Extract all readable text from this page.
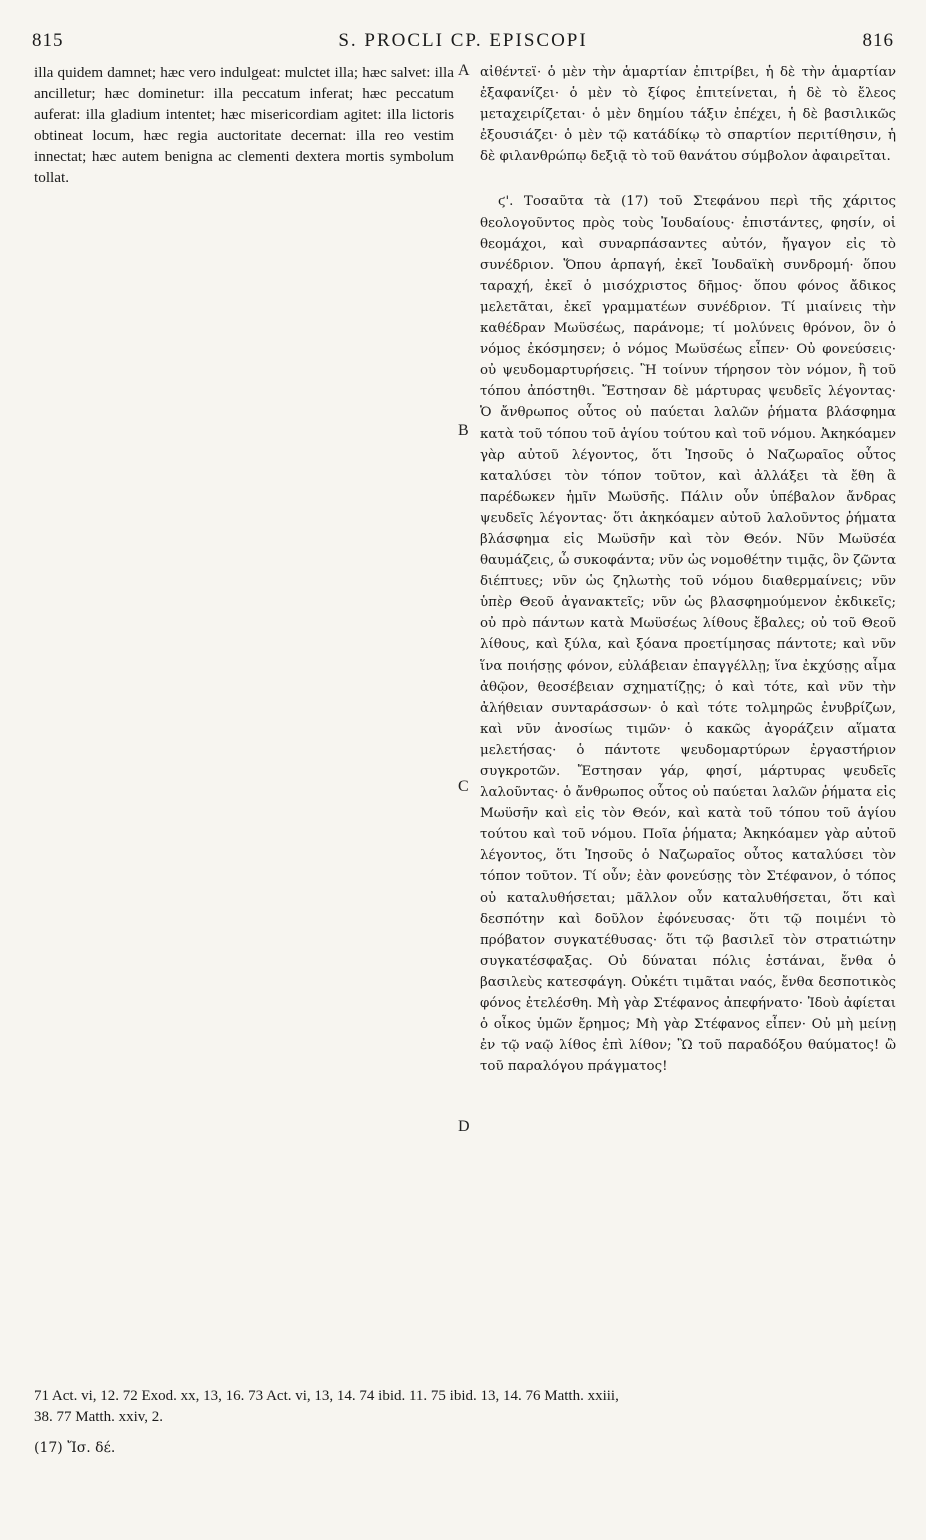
815	S. PROCLI CP. EPISCOPI	816

illa quidem damnet; hæc vero indulgeat: mulctet illa; hæc salvet: illa ancilletur; hæc dominetur: illa peccatum inferat; hæc peccatum auferat: illa gladium intentet; hæc misericordiam agitet: illa lictoris obtineat locum, hæc regia auctoritate decernat: illa reo vestim innectat; hæc autem benigna ac clementi dextera mortis symbolum tollat.

A
B
C
D

αἰθέντεϊ· ὁ μὲν τὴν ἁμαρτίαν ἐπιτρίβει, ἡ δὲ τὴν ἁμαρτίαν ἐξαφανίζει· ὁ μὲν τὸ ξίφος ἐπιτείνεται, ἡ δὲ τὸ ἔλεος μεταχειρίζεται· ὁ μὲν δημίου τάξιν ἐπέχει, ἡ δὲ βασιλικῶς ἐξουσιάζει· ὁ μὲν τῷ κατάδίκῳ τὸ σπαρτίον περιτίθησιν, ἡ δὲ φιλανθρώπῳ δεξιᾷ τὸ τοῦ θανάτου σύμβολον ἀφαιρεῖται.

ϛ'. Τοσαῦτα τὰ (17) τοῦ Στεφάνου περὶ τῆς χάριτος θεολογοῦντος πρὸς τοὺς Ἰουδαίους· ἐπιστάντες, φησίν, οἱ θεομάχοι, καὶ συναρπάσαντες αὐτόν, ἤγαγον εἰς τὸ συνέδριον. Ὅπου ἁρπαγή, ἐκεῖ Ἰουδαϊκὴ συνδρομή· ὅπου ταραχή, ἐκεῖ ὁ μισόχριστος δῆμος· ὅπου φόνος ἄδικος μελετᾶται, ἐκεῖ γραμματέων συνέδριον. Τί μιαίνεις τὴν καθέδραν Μωϋσέως, παράνομε; τί μολύνεις θρόνον, ὃν ὁ νόμος ἐκόσμησεν; ὁ νόμος Μωϋσέως εἶπεν· Οὐ φονεύσεις· οὐ ψευδομαρτυρήσεις. Ἢ τοίνυν τήρησον τὸν νόμον, ἢ τοῦ τόπου ἀπόστηθι. Ἔστησαν δὲ μάρτυρας ψευδεῖς λέγοντας· Ὁ ἄνθρωπος οὗτος οὐ παύεται λαλῶν ῥήματα βλάσφημα κατὰ τοῦ τόπου τοῦ ἁγίου τούτου καὶ τοῦ νόμου. Ἀκηκόαμεν γὰρ αὐτοῦ λέγοντος, ὅτι Ἰησοῦς ὁ Ναζωραῖος οὗτος καταλύσει τὸν τόπον τοῦτον, καὶ ἀλλάξει τὰ ἔθη ἃ παρέδωκεν ἡμῖν Μωϋσῆς. Πάλιν οὖν ὑπέβαλον ἄνδρας ψευδεῖς λέγοντας· ὅτι ἀκηκόαμεν αὐτοῦ λαλοῦντος ῥήματα βλάσφημα εἰς Μωϋσῆν καὶ τὸν Θεόν. Νῦν Μωϋσέα θαυμάζεις, ὦ συκοφάντα; νῦν ὡς νομοθέτην τιμᾷς, ὃν ζῶντα διέπτυες; νῦν ὡς ζηλωτὴς τοῦ νόμου διαθερμαίνεις; νῦν ὑπὲρ Θεοῦ ἀγανακτεῖς; νῦν ὡς βλασφημούμενον ἐκδικεῖς; οὐ πρὸ πάντων κατὰ Μωϋσέως λίθους ἔβαλες; οὐ τοῦ Θεοῦ λίθους, καὶ ξύλα, καὶ ξόανα προετίμησας πάντοτε; καὶ νῦν ἵνα ποιήσῃς φόνον, εὐλάβειαν ἐπαγγέλλῃ; ἵνα ἐκχύσῃς αἷμα ἀθῷον, θεοσέβειαν σχηματίζῃς; ὁ καὶ τότε, καὶ νῦν τὴν ἀλήθειαν συνταράσσων· ὁ καὶ τότε τολμηρῶς ἐνυβρίζων, καὶ νῦν ἀνοσίως τιμῶν· ὁ κακῶς ἀγοράζειν αἵματα μελετήσας· ὁ πάντοτε ψευδομαρτύρων ἐργαστήριον συγκροτῶν. Ἔστησαν γάρ, φησί, μάρτυρας ψευδεῖς λαλοῦντας· ὁ ἄνθρωπος οὗτος οὐ παύεται λαλῶν ῥήματα εἰς Μωϋσῆν καὶ εἰς τὸν Θεόν, καὶ κατὰ τοῦ τόπου τοῦ ἁγίου τούτου καὶ τοῦ νόμου. Ποῖα ῥήματα; Ἀκηκόαμεν γὰρ αὐτοῦ λέγοντος, ὅτι Ἰησοῦς ὁ Ναζωραῖος οὗτος καταλύσει τὸν τόπον τοῦτον. Τί οὖν; ἐὰν φονεύσῃς τὸν Στέφανον, ὁ τόπος οὐ καταλυθήσεται; μᾶλλον οὖν καταλυθήσεται, ὅτι καὶ δεσπότην καὶ δοῦλον ἐφόνευσας· ὅτι τῷ ποιμένι τὸ πρόβατον συγκατέθυσας· ὅτι τῷ βασιλεῖ τὸν στρατιώτην συγκατέσφαξας. Οὐ δύναται πόλις ἑστάναι, ἔνθα ὁ βασιλεὺς κατεσφάγη. Οὐκέτι τιμᾶται ναός, ἔνθα δεσποτικὸς φόνος ἐτελέσθη. Μὴ γὰρ Στέφανος ἀπεφήνατο· Ἰδοὺ ἀφίεται ὁ οἶκος ὑμῶν ἔρημος; Μὴ γὰρ Στέφανος εἶπεν· Οὐ μὴ μείνῃ ἐν τῷ ναῷ λίθος ἐπὶ λίθον; Ὢ τοῦ παραδόξου θαύματος! ὢ τοῦ παραλόγου πράγματος!

71 Act. vi, 12. 72 Exod. xx, 13, 16. 73 Act. vi, 13, 14. 74 ibid. 11. 75 ibid. 13, 14. 76 Matth. xxiii,
38. 77 Matth. xxiv, 2.
(17) Ἴσ. δέ.
